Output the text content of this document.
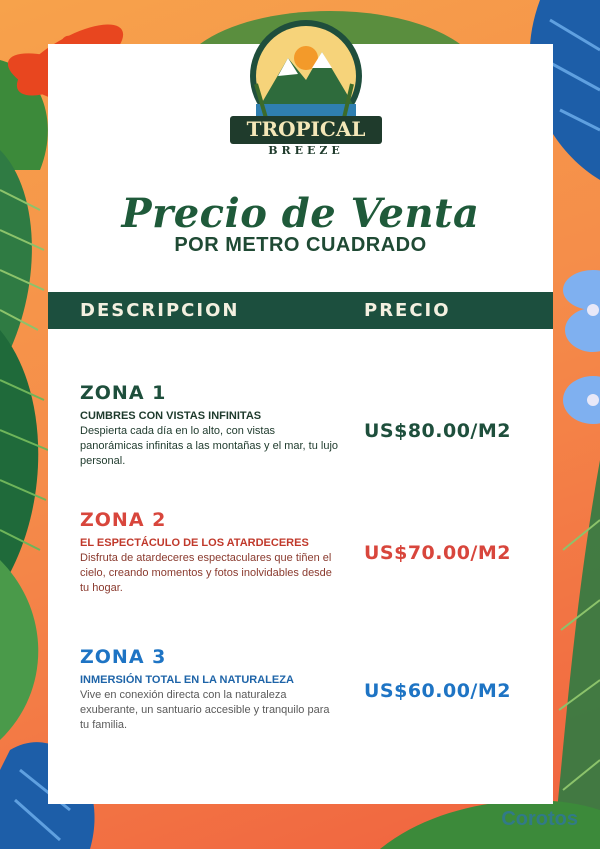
TROPICAL
BREEZE
Precio de Venta
POR METRO CUADRADO
DESCRIPCION	PRECIO

ZONA 1

CUMBRES CON VISTAS INFINITAS

Despierta cada día en lo alto, con vistas panorámicas infinitas a las montañas y el mar, tu lujo personal.

US$80.00/M2

ZONA 2

EL ESPECTÁCULO DE LOS ATARDECERES

Disfruta de atardeceres espectaculares que tiñen el cielo, creando momentos y fotos inolvidables desde tu hogar.

US$70.00/M2

ZONA 3

INMERSIÓN TOTAL EN LA NATURALEZA

Vive en conexión directa con la naturaleza exuberante, un santuario accesible y tranquilo para tu familia.

US$60.00/M2
Corotos
